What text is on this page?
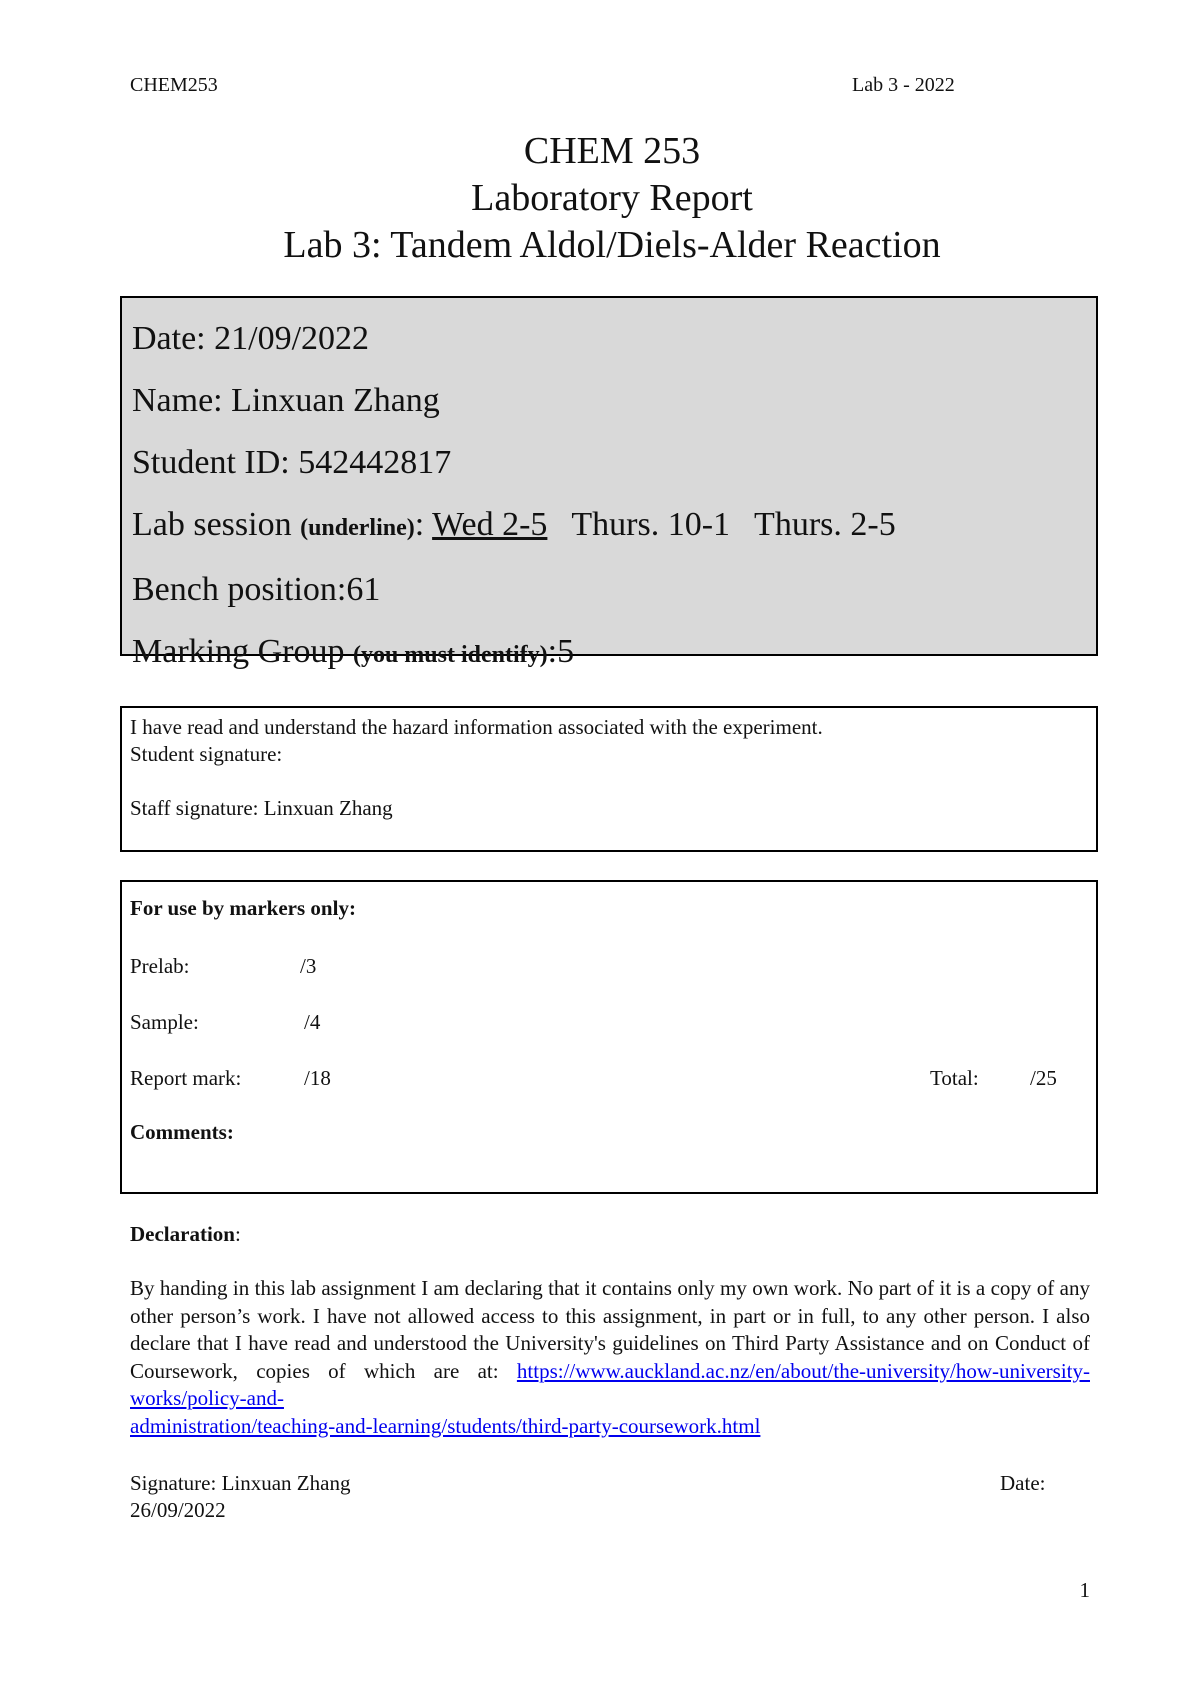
CHEM253	Lab 3 - 2022
CHEM 253
Laboratory Report
Lab 3: Tandem Aldol/Diels-Alder Reaction
Date: 21/09/2022
Name: Linxuan Zhang
Student ID: 542442817
Lab session (underline): Wed 2-5 Thurs. 10-1 Thurs. 2-5
Bench position:61
Marking Group (you must identify):5
I have read and understand the hazard information associated with the experiment.
Student signature:
Staff signature: Linxuan Zhang
For use by markers only:
Prelab:	/3
Sample:	/4
Report mark:	/18	Total: /25
Comments:
Declaration:
By handing in this lab assignment I am declaring that it contains only my own work. No part of it is a copy of any other person’s work. I have not allowed access to this assignment, in part or in full, to any other person. I also declare that I have read and understood the University's guidelines on Third Party Assistance and on Conduct of Coursework, copies of which are at: https://www.auckland.ac.nz/en/about/the-university/how-university-works/policy-and-
administration/teaching-and-learning/students/third-party-coursework.html
Signature: Linxuan Zhang	Date:
26/09/2022
1
